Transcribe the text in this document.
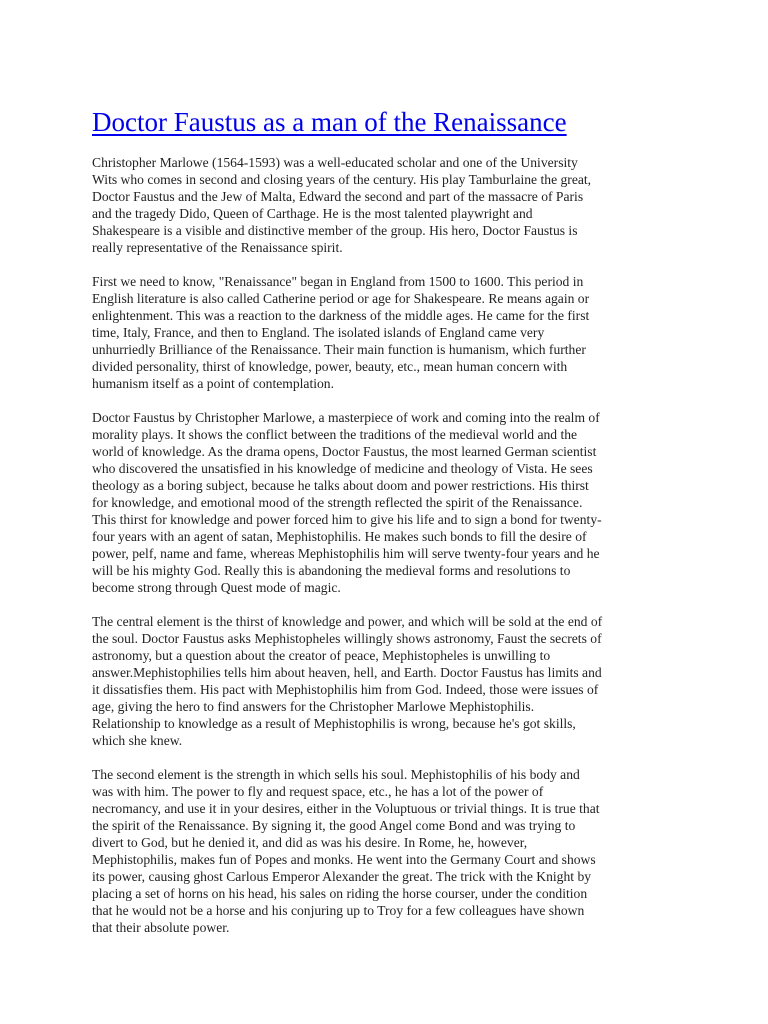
Doctor Faustus as a man of the Renaissance

Christopher Marlowe (1564-1593) was a well-educated scholar and one of the University
Wits who comes in second and closing years of the century. His play Tamburlaine the great,
Doctor Faustus and the Jew of Malta, Edward the second and part of the massacre of Paris
and the tragedy Dido, Queen of Carthage. He is the most talented playwright and
Shakespeare is a visible and distinctive member of the group. His hero, Doctor Faustus is
really representative of the Renaissance spirit.

First we need to know, "Renaissance" began in England from 1500 to 1600. This period in
English literature is also called Catherine period or age for Shakespeare. Re means again or
enlightenment. This was a reaction to the darkness of the middle ages. He came for the first
time, Italy, France, and then to England. The isolated islands of England came very
unhurriedly Brilliance of the Renaissance. Their main function is humanism, which further
divided personality, thirst of knowledge, power, beauty, etc., mean human concern with
humanism itself as a point of contemplation.

Doctor Faustus by Christopher Marlowe, a masterpiece of work and coming into the realm of
morality plays. It shows the conflict between the traditions of the medieval world and the
world of knowledge. As the drama opens, Doctor Faustus, the most learned German scientist
who discovered the unsatisfied in his knowledge of medicine and theology of Vista. He sees
theology as a boring subject, because he talks about doom and power restrictions. His thirst
for knowledge, and emotional mood of the strength reflected the spirit of the Renaissance.
This thirst for knowledge and power forced him to give his life and to sign a bond for twenty-
four years with an agent of satan, Mephistophilis. He makes such bonds to fill the desire of
power, pelf, name and fame, whereas Mephistophilis him will serve twenty-four years and he
will be his mighty God. Really this is abandoning the medieval forms and resolutions to
become strong through Quest mode of magic.

The central element is the thirst of knowledge and power, and which will be sold at the end of
the soul. Doctor Faustus asks Mephistopheles willingly shows astronomy, Faust the secrets of
astronomy, but a question about the creator of peace, Mephistopheles is unwilling to
answer.Mephistophilies tells him about heaven, hell, and Earth. Doctor Faustus has limits and
it dissatisfies them. His pact with Mephistophilis him from God. Indeed, those were issues of
age, giving the hero to find answers for the Christopher Marlowe Mephistophilis.
Relationship to knowledge as a result of Mephistophilis is wrong, because he's got skills,
which she knew.

The second element is the strength in which sells his soul. Mephistophilis of his body and
was with him. The power to fly and request space, etc., he has a lot of the power of
necromancy, and use it in your desires, either in the Voluptuous or trivial things. It is true that
the spirit of the Renaissance. By signing it, the good Angel come Bond and was trying to
divert to God, but he denied it, and did as was his desire. In Rome, he, however,
Mephistophilis, makes fun of Popes and monks. He went into the Germany Court and shows
its power, causing ghost Carlous Emperor Alexander the great. The trick with the Knight by
placing a set of horns on his head, his sales on riding the horse courser, under the condition
that he would not be a horse and his conjuring up to Troy for a few colleagues have shown
that their absolute power.
